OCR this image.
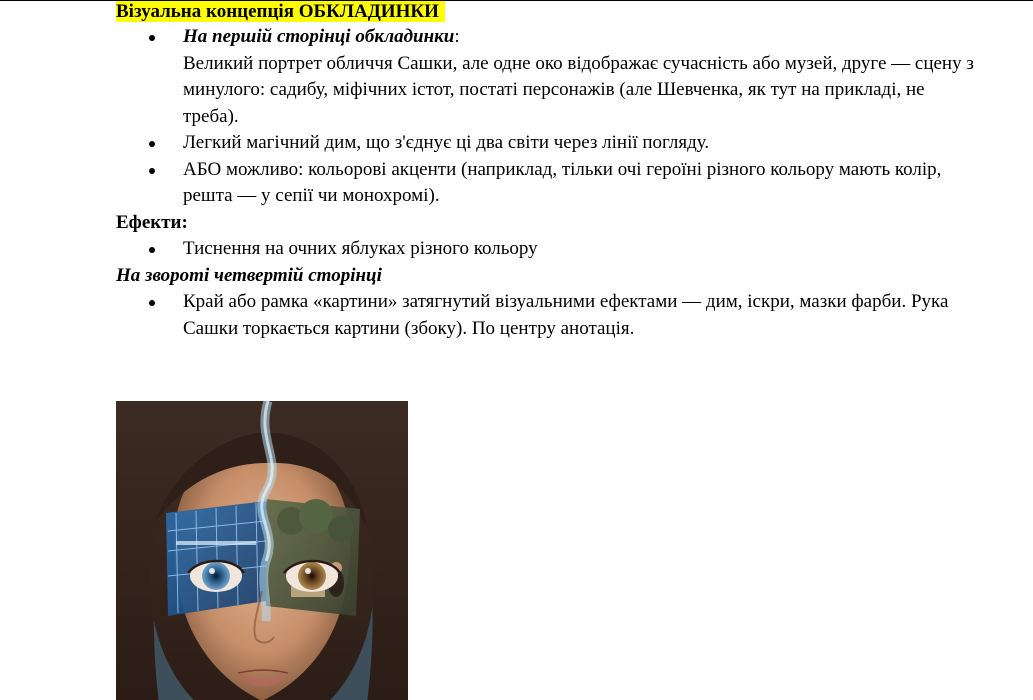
Візуальна концепція ОБКЛАДИНКИ

На першій сторінці обкладинки:
Великий портрет обличчя Сашки, але одне око відображає сучасність або музей, друге — сцену з минулого: садибу, міфічних істот, постаті персонажів (але Шевченка, як тут на прикладі, не треба).
Легкий магічний дим, що з'єднує ці два світи через лінії погляду.
АБО можливо: кольорові акценти (наприклад, тільки очі героїні різного кольору мають колір, решта — у сепії чи монохромі).

Ефекти:

Тиснення на очних яблуках різного кольору

На звороті четвертій сторінці

Край або рамка «картини» затягнутий візуальними ефектами — дим, іскри, мазки фарби. Рука Сашки торкається картини (збоку). По центру анотація.
